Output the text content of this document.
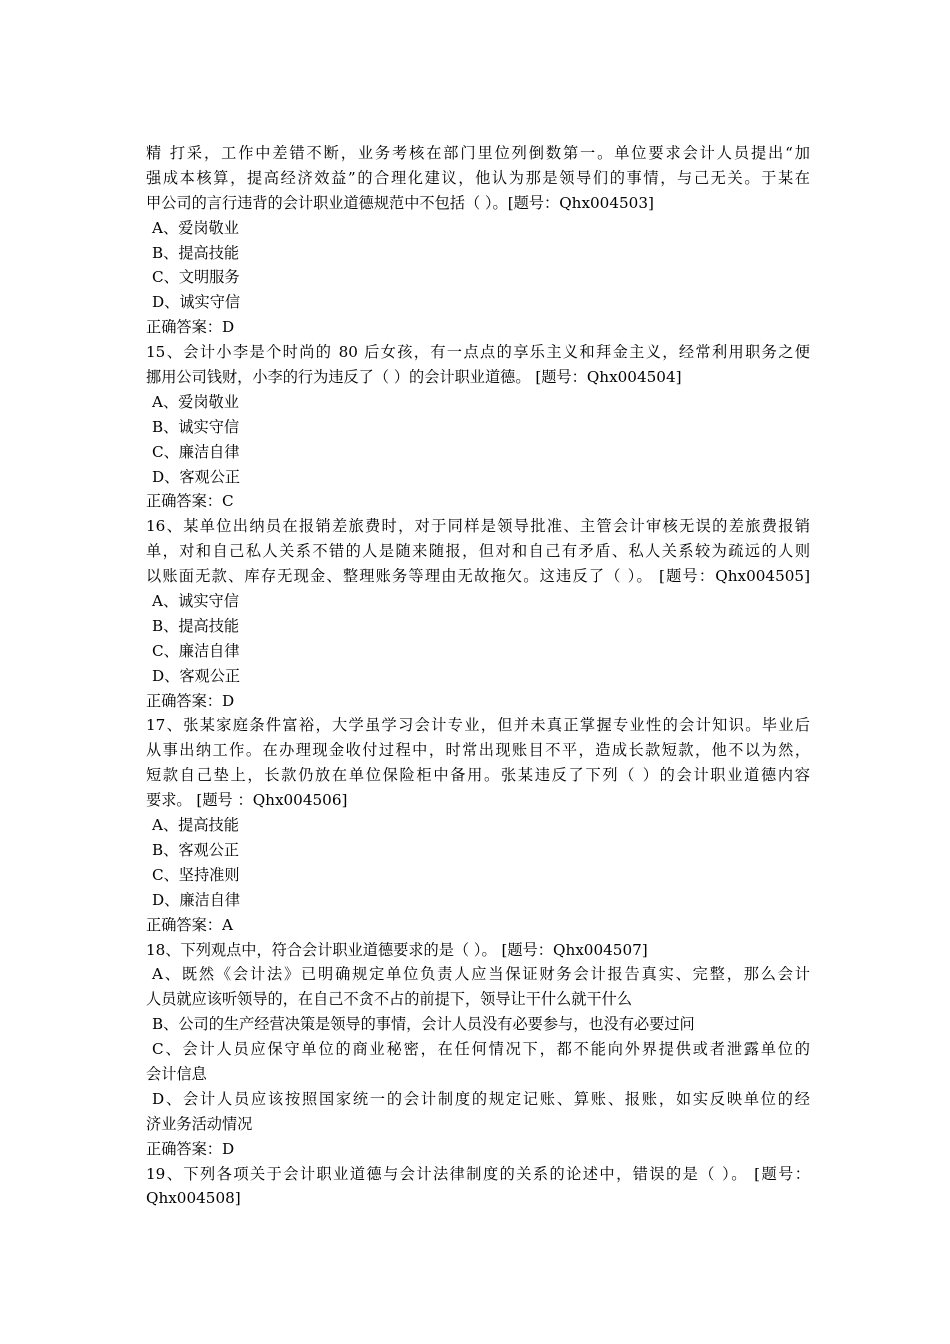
精 打采，工作中差错不断，业务考核在部门里位列倒数第一。单位要求会计人员提出“加
强成本核算，提高经济效益”的合理化建议，他认为那是领导们的事情，与己无关。于某在
甲公司的言行违背的会计职业道德规范中不包括（ ）。[题号：Qhx004503]
A、爱岗敬业
B、提高技能
C、文明服务
D、诚实守信
正确答案：D
15、会计小李是个时尚的 80 后女孩，有一点点的享乐主义和拜金主义，经常利用职务之便
挪用公司钱财，小李的行为违反了（ ）的会计职业道德。 [题号：Qhx004504]
A、爱岗敬业
B、诚实守信
C、廉洁自律
D、客观公正
正确答案：C
16、某单位出纳员在报销差旅费时，对于同样是领导批准、主管会计审核无误的差旅费报销
单，对和自己私人关系不错的人是随来随报，但对和自己有矛盾、私人关系较为疏远的人则
以账面无款、库存无现金、整理账务等理由无故拖欠。这违反了（ ）。 [题号：Qhx004505]
A、诚实守信
B、提高技能
C、廉洁自律
D、客观公正
正确答案：D
17、张某家庭条件富裕，大学虽学习会计专业，但并未真正掌握专业性的会计知识。毕业后
从事出纳工作。在办理现金收付过程中，时常出现账目不平，造成长款短款，他不以为然，
短款自己垫上，长款仍放在单位保险柜中备用。张某违反了下列（ ）的会计职业道德内容
要求。 [题号 ：Qhx004506]
A、提高技能
B、客观公正
C、坚持准则
D、廉洁自律
正确答案：A
18、下列观点中，符合会计职业道德要求的是（ ）。 [题号：Qhx004507]
A、既然《会计法》已明确规定单位负责人应当保证财务会计报告真实、完整，那么会计
人员就应该听领导的，在自己不贪不占的前提下，领导让干什么就干什么
B、公司的生产经营决策是领导的事情，会计人员没有必要参与，也没有必要过问
C、会计人员应保守单位的商业秘密，在任何情况下，都不能向外界提供或者泄露单位的
会计信息
D、会计人员应该按照国家统一的会计制度的规定记账、算账、报账，如实反映单位的经
济业务活动情况
正确答案：D
19、下列各项关于会计职业道德与会计法律制度的关系的论述中，错误的是（ ）。 [题号：
Qhx004508]
